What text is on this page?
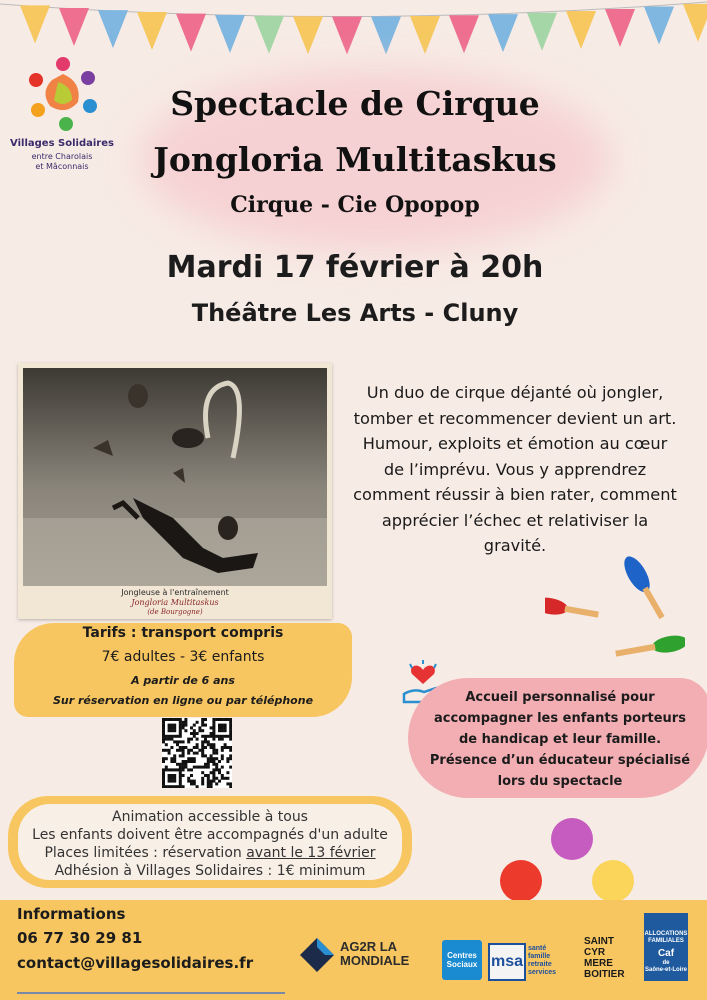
Villages Solidaires
entre Charolais
et Mâconnais
Spectacle de Cirque
Jongloria Multitaskus
Cirque - Cie Opopop
Mardi 17 février à 20h
Théâtre Les Arts - Cluny
Jongleuse à l'entraînement
Jongloria Multitaskus
(de Bourgogne)
Un duo de cirque déjanté où jongler,
tomber et recommencer devient un art.
Humour, exploits et émotion au cœur
de l’imprévu. Vous y apprendrez
comment réussir à bien rater, comment
apprécier l’échec et relativiser la
gravité.
Tarifs : transport compris
7€ adultes - 3€ enfants
A partir de 6 ans
Sur réservation en ligne ou par téléphone	Accueil personnalisé pour
accompagner les enfants porteurs
de handicap et leur famille.
Présence d’un éducateur spécialisé
lors du spectacle
Animation accessible à tous
Les enfants doivent être accompagnés d'un adulte
Places limitées : réservation avant le 13 février
Adhésion à Villages Solidaires : 1€ minimum
Informations
06 77 30 29 81
contact@villagesolidaires.fr
AG2R LA
MONDIALE	Centres
Sociaux msa
santé
famille
retraite
services
SAINT
CYR
MERE
BOITIER
ALLOCATIONS
FAMILIALES
Caf
de
Saône-et-Loire
